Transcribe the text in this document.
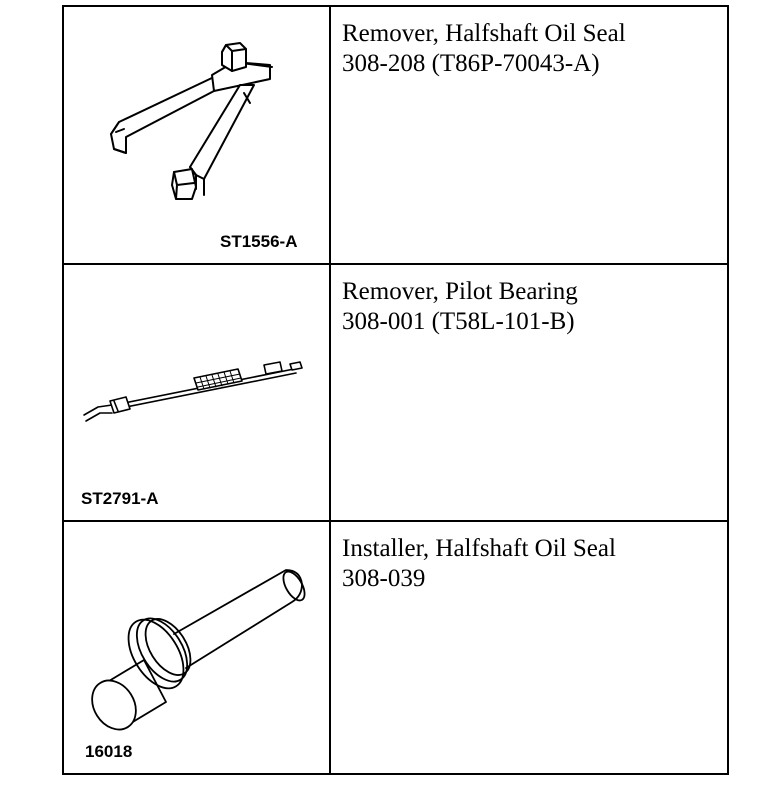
ST1556-A
Remover, Halfshaft Oil Seal
308-208 (T86P-70043-A)
ST2791-A
Remover, Pilot Bearing
308-001 (T58L-101-B)
16018
Installer, Halfshaft Oil Seal
308-039
